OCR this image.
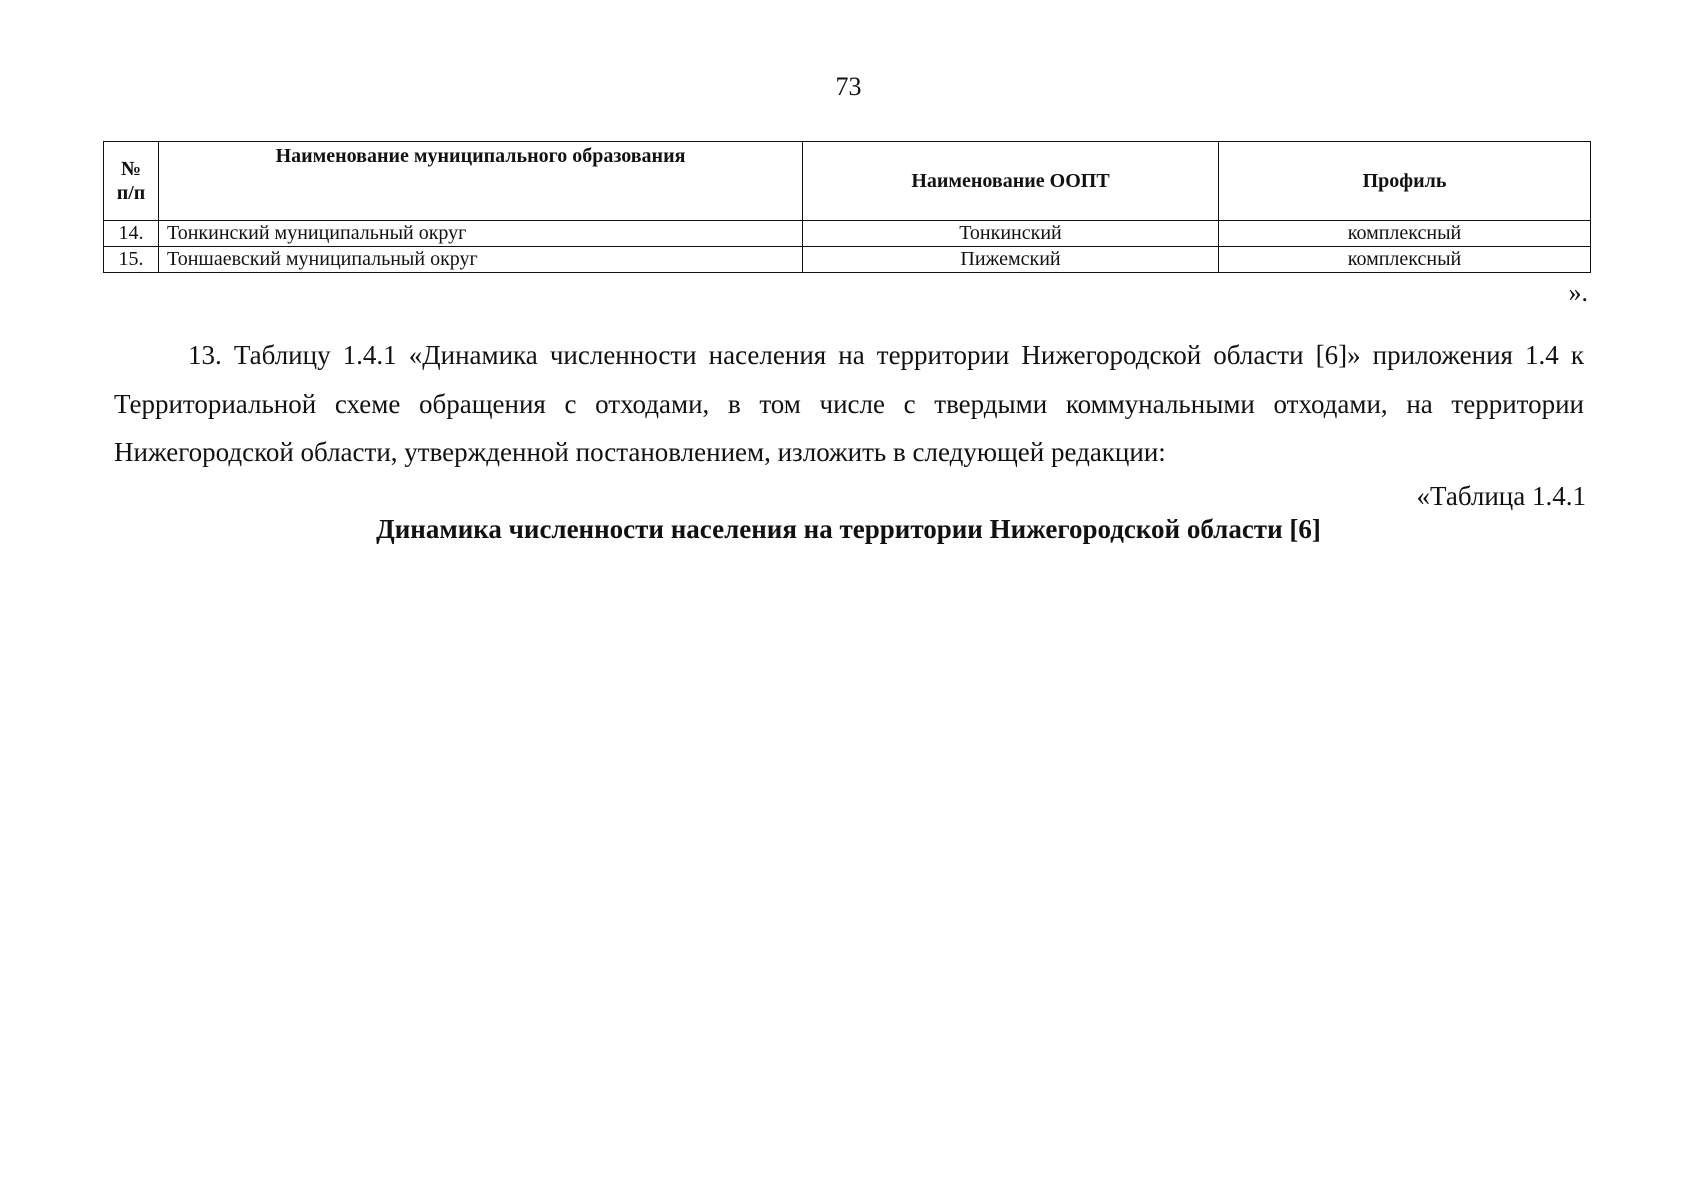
73
№
п/п	Наименование муниципального образования	Наименование ООПТ	Профиль
14.	Тонкинский муниципальный округ	Тонкинский	комплексный
15.	Тоншаевский муниципальный округ	Пижемский	комплексный
».

13. Таблицу 1.4.1 «Динамика численности населения на территории Нижегородской области [6]» приложения 1.4 к Территориальной схеме обращения с отходами, в том числе с твердыми коммунальными отходами, на территории Нижегородской области, утвержденной постановлением, изложить в следующей редакции:

«Таблица 1.4.1
Динамика численности населения на территории Нижегородской области [6]
